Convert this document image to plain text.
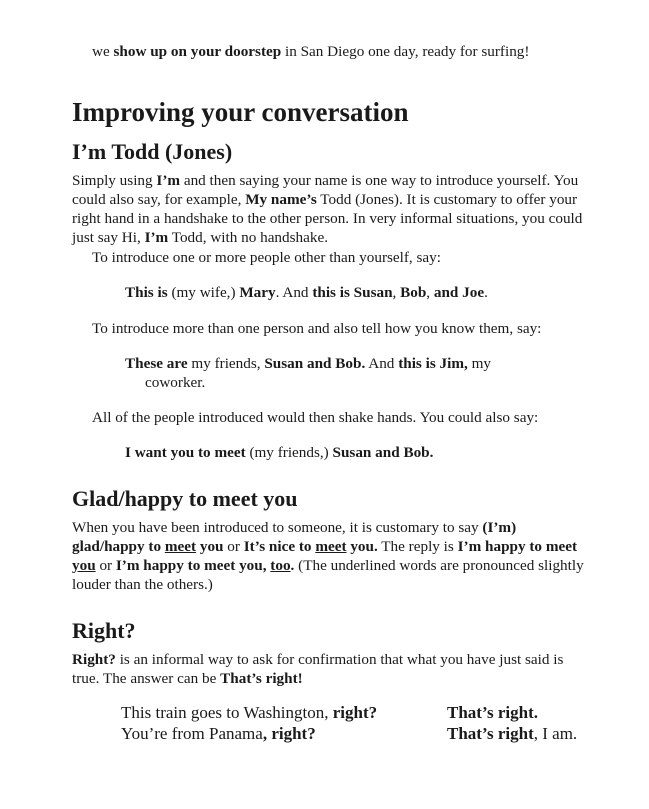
we show up on your doorstep in San Diego one day, ready for surfing!

Improving your conversation
I’m Todd (Jones)

Simply using I’m and then saying your name is one way to introduce yourself. You could also say, for example, My name’s Todd (Jones). It is customary to offer your right hand in a handshake to the other person. In very informal situations, you could just say Hi, I’m Todd, with no handshake.

To introduce one or more people other than yourself, say:

This is (my wife,) Mary. And this is Susan, Bob, and Joe.

To introduce more than one person and also tell how you know them, say:

These are my friends, Susan and Bob. And this is Jim, my
coworker.

All of the people introduced would then shake hands. You could also say:

I want you to meet (my friends,) Susan and Bob.

Glad/happy to meet you

When you have been introduced to someone, it is customary to say (I’m) glad/happy to meet you or It’s nice to meet you. The reply is I’m happy to meet you or I’m happy to meet you, too. (The underlined words are pronounced slightly louder than the others.)

Right?

Right? is an informal way to ask for confirmation that what you have just said is true. The answer can be That’s right!

This train goes to Washington, right?	That’s right.
You’re from Panama, right?	That’s right, I am.
